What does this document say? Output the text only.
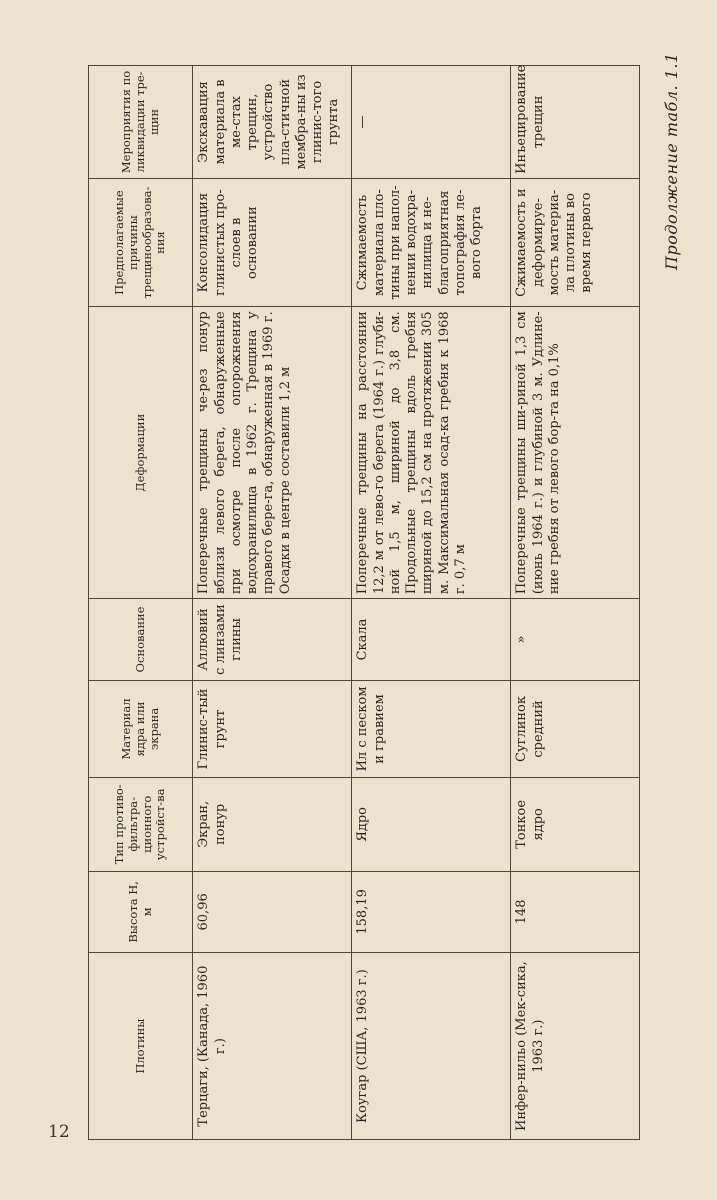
12
Продолжение табл. 1.1
Плотины	Высота H, м	Тип противо-фильтра-ционного устройст-ва	Материал ядра или экрана	Основание	Деформации	Предполагаемые причины трещинообразова-ния	Мероприятия по ликвидации тре-щин
Терцаги, (Канада, 1960 г.)	60,96	Экран, понур	Глинис-тый грунт	Аллювий с линзами глины	Поперечные трещины че-рез понур вблизи левого берега, обнаруженные при осмотре после опорожнения водохранилища в 1962 г. Трещина у правого бере-га, обнаруженная в 1969 г. Осадки в центре составили 1,2 м	Консолидация глинистых про-слоев в основании	Экскавация материала в ме-стах трещин, устройство пла-стичной мембра-ны из глинис-того грунта
Коугар (США, 1963 г.)	158,19	Ядро	Ил с песком и гравием	Скала	Поперечные трещины на расстоянии 12,2 м от лево-го берега (1964 г.) глуби-ной 1,5 м, шириной до 3,8 см. Продольные трещины вдоль гребня шириной до 15,2 см на протяжении 305 м. Максимальная осад-ка гребня к 1968 г. 0,7 м	Сжимаемость материала пло-тины при напол-нении водохра-нилища и не-благоприятная топография ле-вого борта	—
Инфер-нильо (Мек-сика, 1963 г.)	148	Тонкое ядро	Суглинок средний	»	Поперечные трещины ши-риной 1,3 см (июнь 1964 г.) и глубиной 3 м. Удлине-ние гребня от левого бор-та на 0,1%	Сжимаемость и деформируе-мость материа-ла плотины во время первого	Инъецирование трещин
